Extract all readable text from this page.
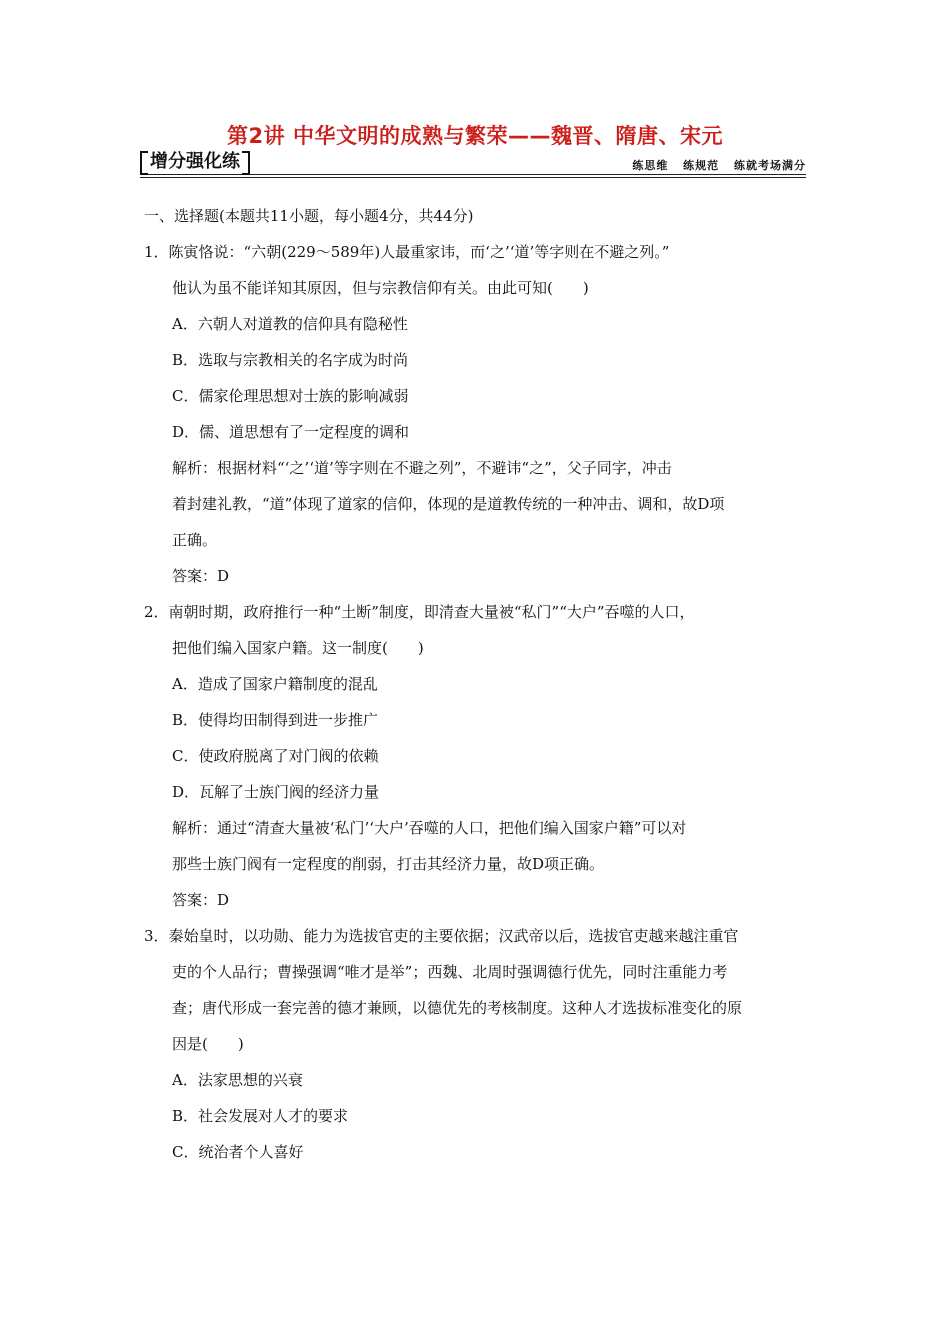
第2讲 中华文明的成熟与繁荣——魏晋、隋唐、宋元
增分强化练	练思维 练规范 练就考场满分
一、选择题(本题共11小题，每小题4分，共44分)
1．陈寅恪说：“六朝(229～589年)人最重家讳，而‘之’‘道’等字则在不避之列。”
他认为虽不能详知其原因，但与宗教信仰有关。由此可知(　　)
A．六朝人对道教的信仰具有隐秘性
B．选取与宗教相关的名字成为时尚
C．儒家伦理思想对士族的影响减弱
D．儒、道思想有了一定程度的调和
解析：根据材料“‘之’‘道’等字则在不避之列”，不避讳“之”，父子同字，冲击
着封建礼教，“道”体现了道家的信仰，体现的是道教传统的一种冲击、调和，故D项
正确。
答案：D
2．南朝时期，政府推行一种“土断”制度，即清查大量被“私门”“大户”吞噬的人口，
把他们编入国家户籍。这一制度(　　)
A．造成了国家户籍制度的混乱
B．使得均田制得到进一步推广
C．使政府脱离了对门阀的依赖
D．瓦解了士族门阀的经济力量
解析：通过“清查大量被‘私门’‘大户’吞噬的人口，把他们编入国家户籍”可以对
那些士族门阀有一定程度的削弱，打击其经济力量，故D项正确。
答案：D
3．秦始皇时，以功勋、能力为选拔官吏的主要依据；汉武帝以后，选拔官吏越来越注重官
吏的个人品行；曹操强调“唯才是举”；西魏、北周时强调德行优先，同时注重能力考
查；唐代形成一套完善的德才兼顾，以德优先的考核制度。这种人才选拔标准变化的原
因是(　　)
A．法家思想的兴衰
B．社会发展对人才的要求
C．统治者个人喜好
